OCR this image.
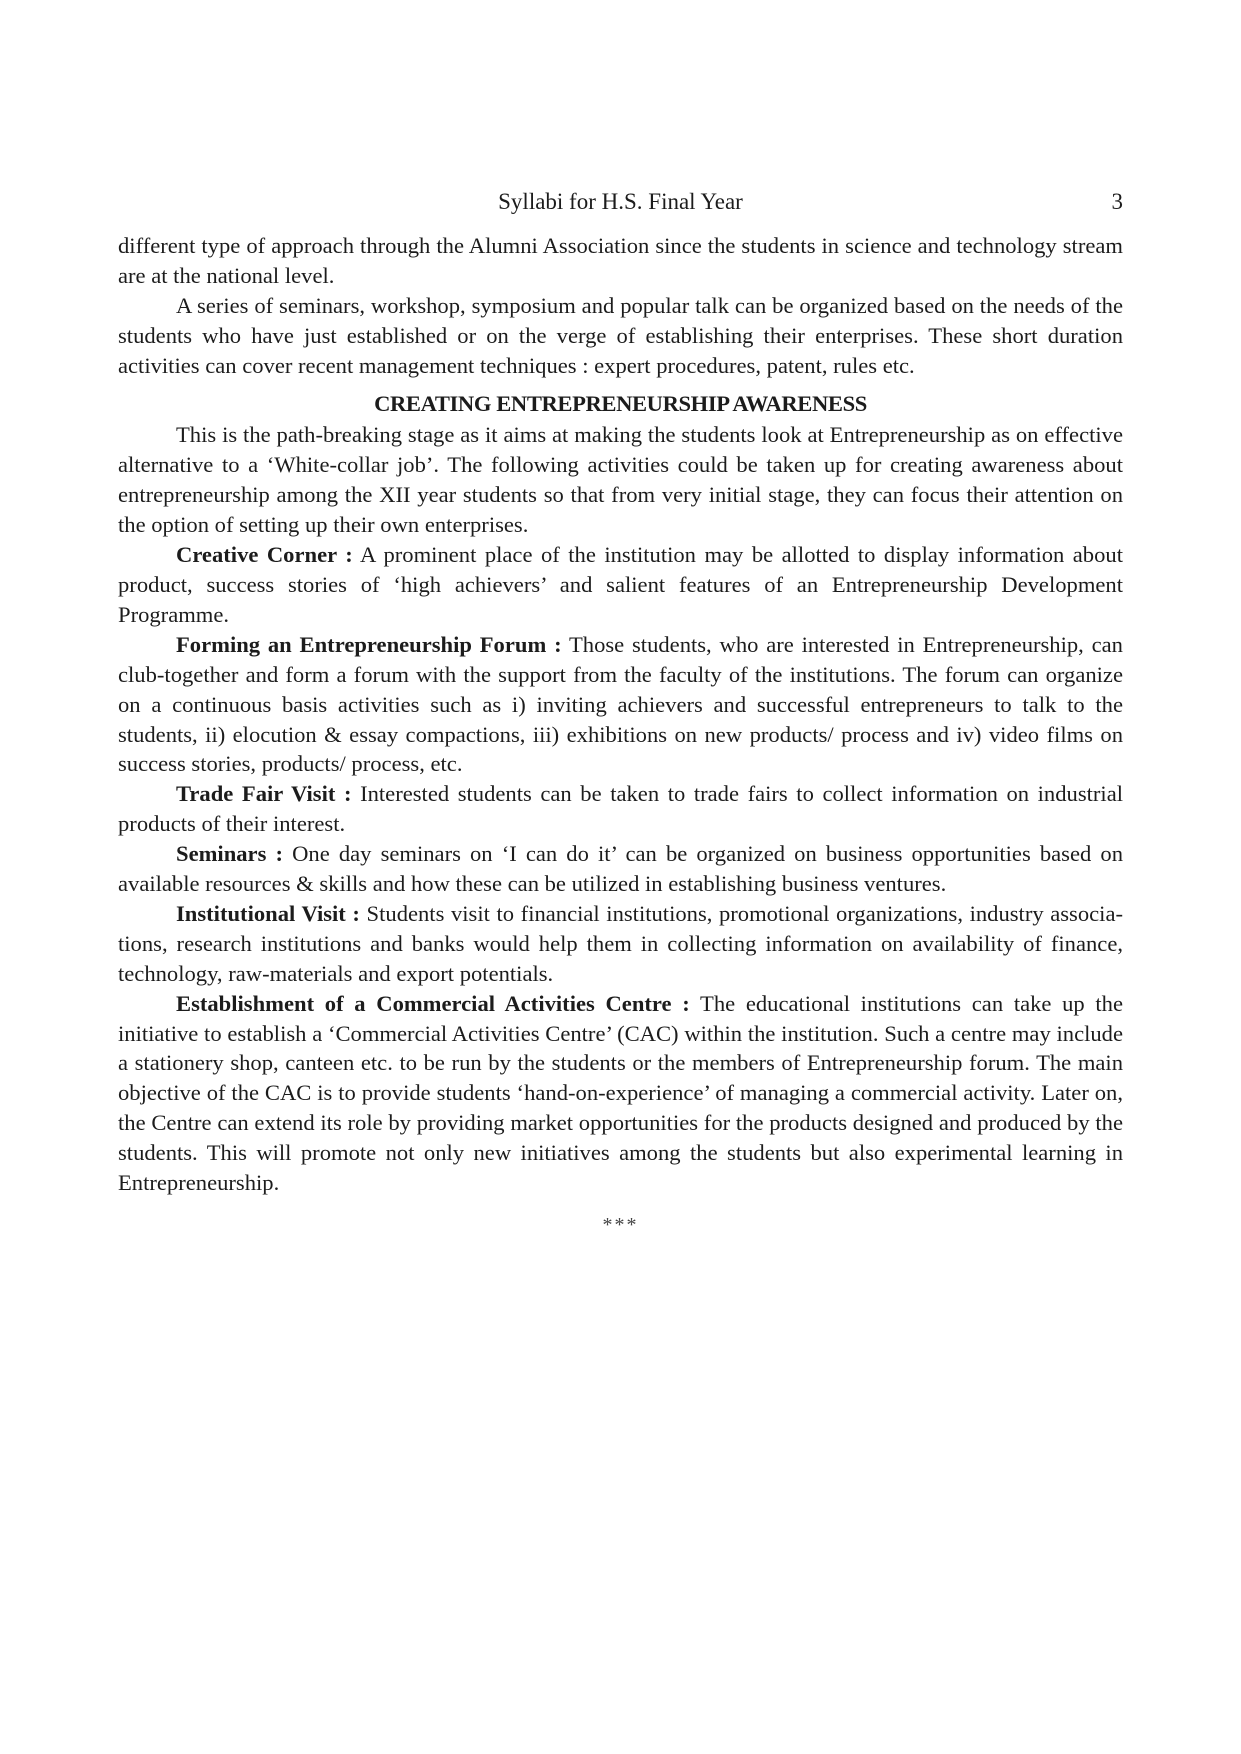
Syllabi for H.S. Final Year	3

different type of approach through the Alumni Association since the students in science and technology stream are at the national level.

A series of seminars, workshop, symposium and popular talk can be organized based on the needs of the students who have just established or on the verge of establishing their enterprises. These short duration activities can cover recent management techniques : expert procedures, patent, rules etc.

CREATING ENTREPRENEURSHIP AWARENESS

This is the path-breaking stage as it aims at making the students look at Entrepreneurship as on effective alternative to a ‘White-collar job’. The following activities could be taken up for creating awareness about entrepreneurship among the XII year students so that from very initial stage, they can focus their attention on the option of setting up their own enterprises.

Creative Corner : A prominent place of the institution may be allotted to display information about product, success stories of ‘high achievers’ and salient features of an Entrepreneurship Development Programme.

Forming an Entrepreneurship Forum : Those students, who are interested in Entrepreneurship, can club-together and form a forum with the support from the faculty of the institutions. The forum can organize on a continuous basis activities such as i) inviting achievers and successful entrepreneurs to talk to the students, ii) elocution & essay compactions, iii) exhibitions on new products/ process and iv) video films on success stories, products/ process, etc.

Trade Fair Visit : Interested students can be taken to trade fairs to collect information on industrial products of their interest.

Seminars : One day seminars on ‘I can do it’ can be organized on business opportunities based on available resources & skills and how these can be utilized in establishing business ventures.

Institutional Visit : Students visit to financial institutions, promotional organizations, industry associations, research institutions and banks would help them in collecting information on availability of finance, technology, raw-materials and export potentials.

Establishment of a Commercial Activities Centre : The educational institutions can take up the initiative to establish a ‘Commercial Activities Centre’ (CAC) within the institution. Such a centre may include a stationery shop, canteen etc. to be run by the students or the members of Entrepreneurship forum. The main objective of the CAC is to provide students ‘hand-on-experience’ of managing a commercial activity. Later on, the Centre can extend its role by providing market opportunities for the products designed and produced by the students. This will promote not only new initiatives among the students but also experimental learning in Entrepreneurship.

***
